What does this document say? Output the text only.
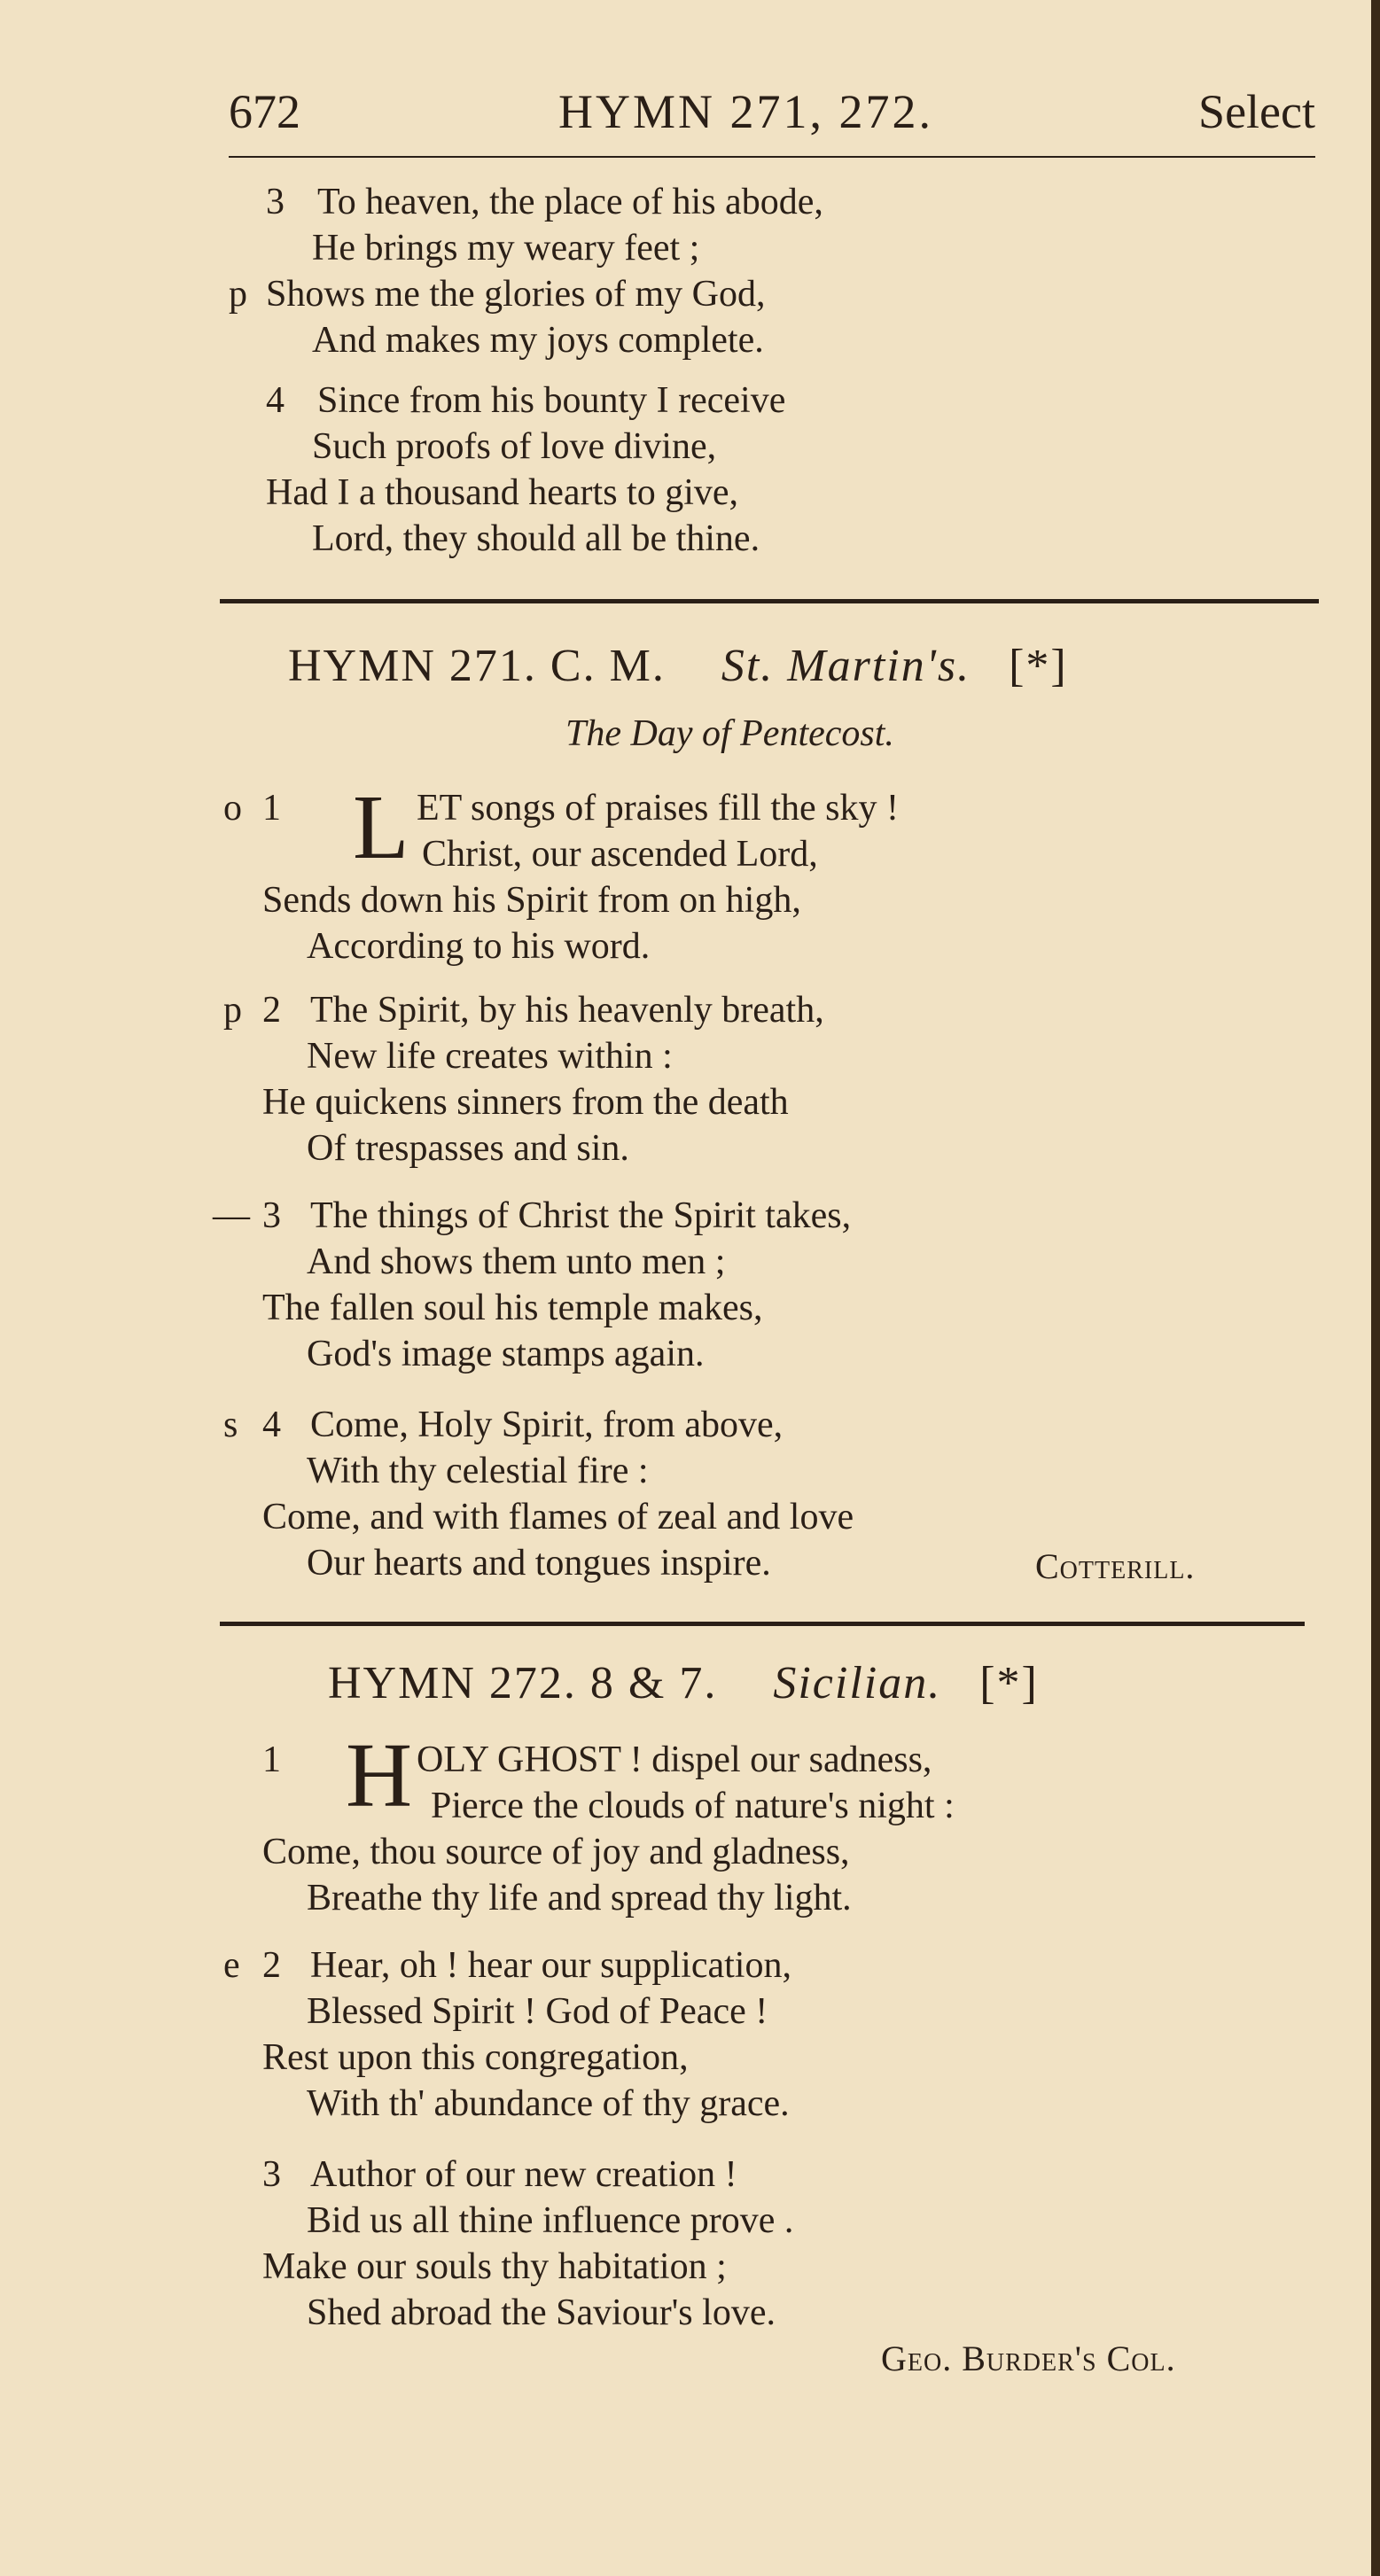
672	HYMN 271, 272.	Select
3 To heaven, the place of his abode,
He brings my weary feet ;
p Shows me the glories of my God,
And makes my joys complete.
4 Since from his bounty I receive
Such proofs of love divine,
Had I a thousand hearts to give,
Lord, they should all be thine.
HYMN 271. C. M. St. Martin's. [*]
The Day of Pentecost.
o 1 L ET songs of praises fill the sky !
Christ, our ascended Lord,
Sends down his Spirit from on high,
According to his word.
p 2 The Spirit, by his heavenly breath,
New life creates within :
He quickens sinners from the death
Of trespasses and sin.
— 3 The things of Christ the Spirit takes,
And shows them unto men ;
The fallen soul his temple makes,
God's image stamps again.
s 4 Come, Holy Spirit, from above,
With thy celestial fire :
Come, and with flames of zeal and love
Our hearts and tongues inspire.	Cotterill.
HYMN 272. 8 & 7. Sicilian. [*]
1 H OLY GHOST ! dispel our sadness,
Pierce the clouds of nature's night :
Come, thou source of joy and gladness,
Breathe thy life and spread thy light.
e 2 Hear, oh ! hear our supplication,
Blessed Spirit ! God of Peace !
Rest upon this congregation,
With th' abundance of thy grace.
3 Author of our new creation !
Bid us all thine influence prove .
Make our souls thy habitation ;
Shed abroad the Saviour's love.
Geo. Burder's Col.
